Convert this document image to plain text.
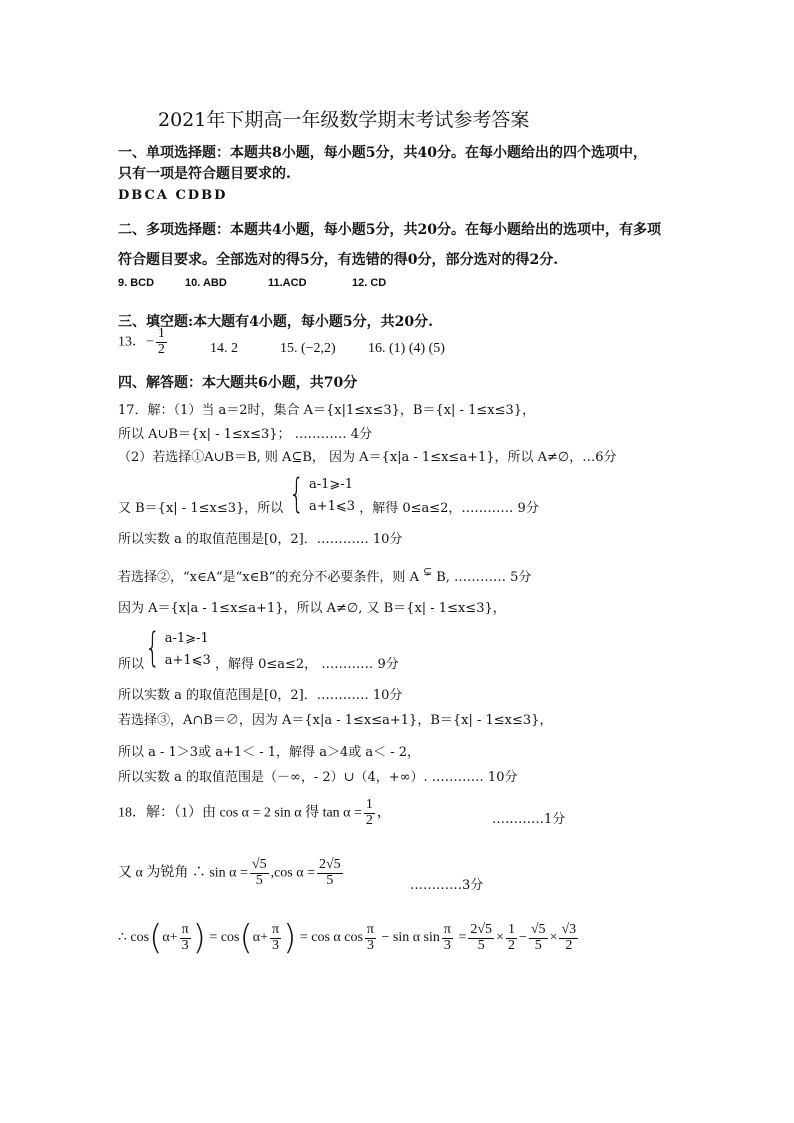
2021年下期高一年级数学期末考试参考答案
一、单项选择题：本题共8小题，每小题5分，共40分。在每小题给出的四个选项中，
只有一项是符合题目要求的.
DBCA CDBD
二、多项选择题：本题共4小题，每小题5分，共20分。在每小题给出的选项中，有多项
符合题目要求。全部选对的得5分，有选错的得0分，部分选对的得2分.
9. BCD	10. ABD	11.ACD	12. CD
三、填空题:本大题有4小题，每小题5分，共20分.
13．− $\frac{1}{2}$	14. 2	15. (−2,2) 16. (1) (4) (5)
四、解答题：本大题共6小题，共70分
17．解：（1）当 a＝2时，集合 A＝{x|1≤x≤3}，B＝{x| - 1≤x≤3}，
所以 A∪B＝{x| - 1≤x≤3}； ………… 4分
（2）若选择①A∪B＝B, 则 A⊆B， 因为 A＝{x|a - 1≤x≤a+1}，所以 A≠∅，…6分
又 B＝{x| - 1≤x≤3}，所以 { a-1⩾-1
a+1⩽3 ，解得 0≤a≤2，………… 9分
所以实数 a 的取值范围是[0，2]．………… 10分
若选择②，“x∈A“是“x∈B”的充分不必要条件，则 A ⊊ B, ………… 5分
因为 A＝{x|a - 1≤x≤a+1}，所以 A≠∅, 又 B＝{x| - 1≤x≤3}，
所以 { a-1⩾-1
a+1⩽3 ，解得 0≤a≤2， ………… 9分
所以实数 a 的取值范围是[0，2]．………… 10分
若选择③，A∩B＝∅，因为 A＝{x|a - 1≤x≤a+1}，B＝{x| - 1≤x≤3}，
所以 a - 1＞3或 a+1＜ - 1，解得 a＞4或 a＜ - 2，
所以实数 a 的取值范围是（－∞，- 2）∪（4，+∞）. ………… 10分
18．解：（1）由 cos α = 2 sin α 得 $\tan \alpha = \frac{1}{2}$ ，	…………1分
又 α 为锐角 ∴ $\sin \alpha = \frac{√5}{5} ,\cos$ $\alpha = \frac{2√5}{5}$	…………3分
∴ $\cos(\alpha+ \frac{\pi}{3}$ ) = $\cos(\alpha+ \frac{\pi}{3}$ ) = cos α $\cos \frac{\pi}{3} - \sin \alpha$ $\sin \frac{\pi}{3} = \frac{2√5}{5} \times \frac{1}{2} - \frac{√5}{5} \times \frac{√3}{2}$
